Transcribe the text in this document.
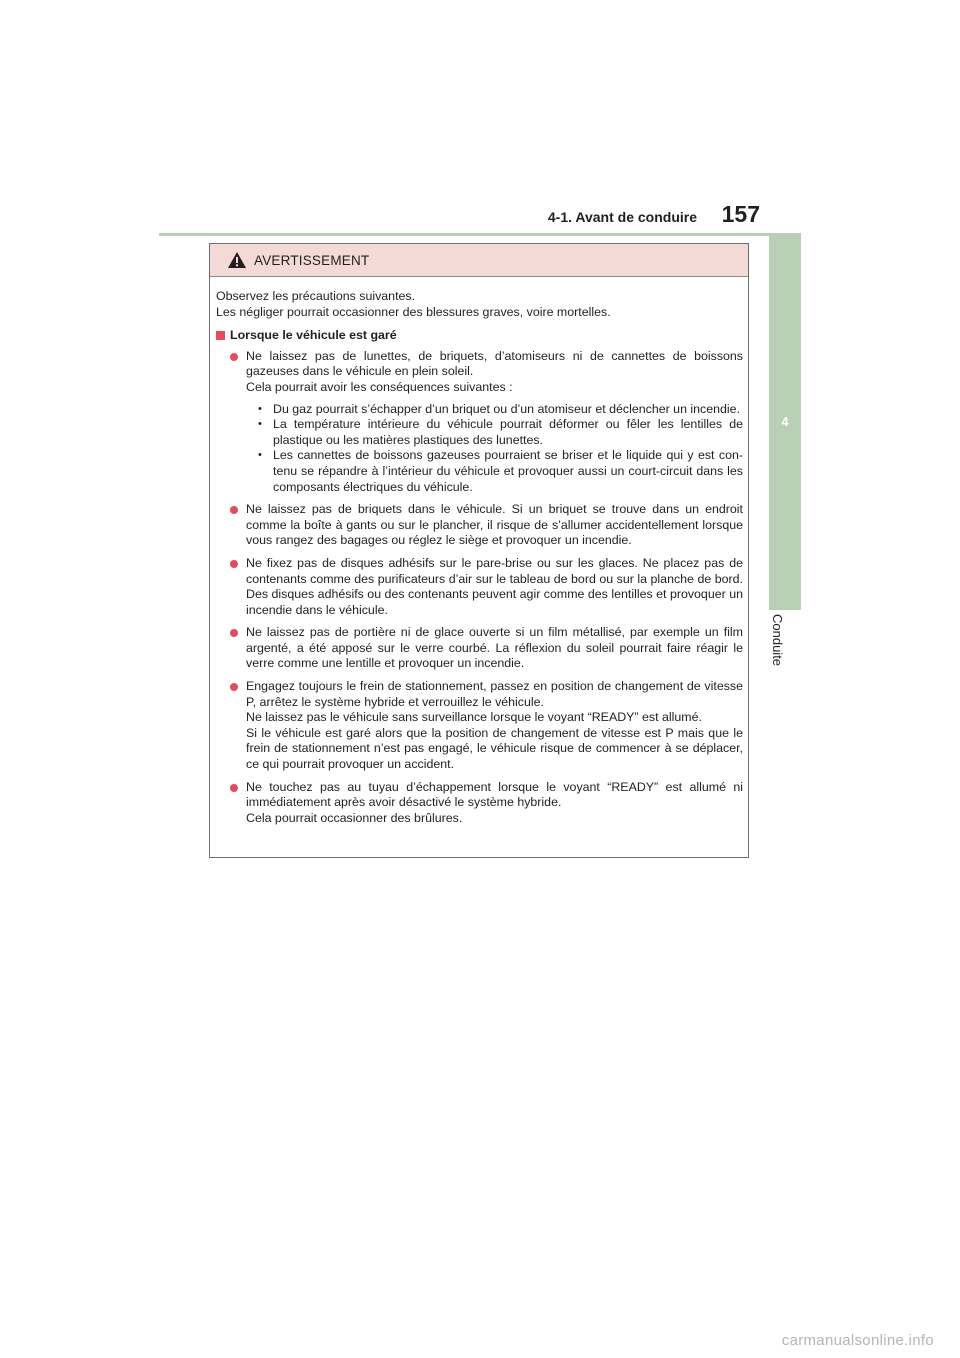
4-1. Avant de conduire 157
4
Conduite
AVERTISSEMENT

Observez les précautions suivantes.
Les négliger pourrait occasionner des blessures graves, voire mortelles.

Lorsque le véhicule est garé

Ne laissez pas de lunettes, de briquets, d’atomiseurs ni de cannettes de boissons gazeuses dans le véhicule en plein soleil.

Cela pourrait avoir les conséquences suivantes :

• Du gaz pourrait s’échapper d’un briquet ou d’un atomiseur et déclencher un incendie.
• La température intérieure du véhicule pourrait déformer ou fêler les lentilles de plastique ou les matières plastiques des lunettes.
• Les cannettes de boissons gazeuses pourraient se briser et le liquide qui y est con-tenu se répandre à l’intérieur du véhicule et provoquer aussi un court-circuit dans les composants électriques du véhicule.

Ne laissez pas de briquets dans le véhicule. Si un briquet se trouve dans un endroit comme la boîte à gants ou sur le plancher, il risque de s’allumer accidentellement lorsque vous rangez des bagages ou réglez le siège et provoquer un incendie.

Ne fixez pas de disques adhésifs sur le pare-brise ou sur les glaces. Ne placez pas de contenants comme des purificateurs d’air sur le tableau de bord ou sur la planche de bord. Des disques adhésifs ou des contenants peuvent agir comme des lentilles et provoquer un incendie dans le véhicule.

Ne laissez pas de portière ni de glace ouverte si un film métallisé, par exemple un film argenté, a été apposé sur le verre courbé. La réflexion du soleil pourrait faire réagir le verre comme une lentille et provoquer un incendie.

Engagez toujours le frein de stationnement, passez en position de changement de vitesse P, arrêtez le système hybride et verrouillez le véhicule.

Ne laissez pas le véhicule sans surveillance lorsque le voyant “READY” est allumé.

Si le véhicule est garé alors que la position de changement de vitesse est P mais que le frein de stationnement n’est pas engagé, le véhicule risque de commencer à se déplacer, ce qui pourrait provoquer un accident.

Ne touchez pas au tuyau d’échappement lorsque le voyant “READY” est allumé ni immédiatement après avoir désactivé le système hybride.

Cela pourrait occasionner des brûlures.

carmanualsonline.info
